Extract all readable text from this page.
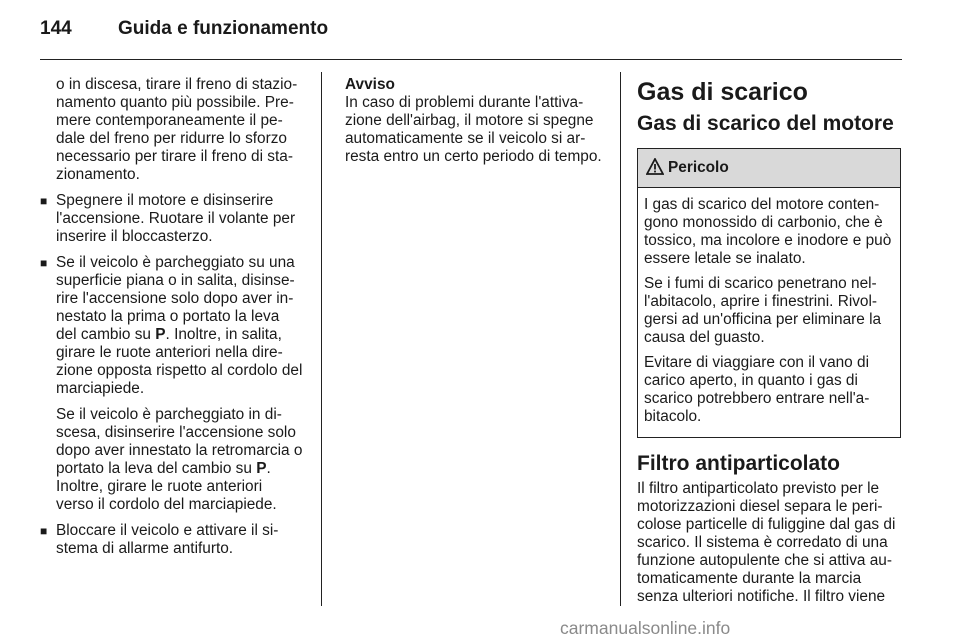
144 Guida e funzionamento

o in discesa, tirare il freno di stazio-namento quanto più possibile. Pre-mere contemporaneamente il pe-dale del freno per ridurre lo sforzo necessario per tirare il freno di sta-zionamento.

■ Spegnere il motore e disinserire l'accensione. Ruotare il volante per inserire il bloccasterzo.

■ Se il veicolo è parcheggiato su una superficie piana o in salita, disinse-rire l'accensione solo dopo aver in-nestato la prima o portato la leva del cambio su P. Inoltre, in salita, girare le ruote anteriori nella dire-zione opposta rispetto al cordolo del marciapiede.

Se il veicolo è parcheggiato in di-scesa, disinserire l'accensione solo dopo aver innestato la retromarcia o portato la leva del cambio su P. Inoltre, girare le ruote anteriori verso il cordolo del marciapiede.

■ Bloccare il veicolo e attivare il si-stema di allarme antifurto.

Avviso
In caso di problemi durante l'attiva-zione dell'airbag, il motore si spegne automaticamente se il veicolo si ar-resta entro un certo periodo di tempo.
Gas di scarico
Gas di scarico del motore
Pericolo

I gas di scarico del motore conten-gono monossido di carbonio, che è tossico, ma incolore e inodore e può essere letale se inalato.

Se i fumi di scarico penetrano nel-l'abitacolo, aprire i finestrini. Rivol-gersi ad un'officina per eliminare la causa del guasto.

Evitare di viaggiare con il vano di carico aperto, in quanto i gas di scarico potrebbero entrare nell'a-bitacolo.

Filtro antiparticolato
Il filtro antiparticolato previsto per le motorizzazioni diesel separa le peri-colose particelle di fuliggine dal gas di scarico. Il sistema è corredato di una funzione autopulente che si attiva au-tomaticamente durante la marcia senza ulteriori notifiche. Il filtro viene
carmanualsonline.info
